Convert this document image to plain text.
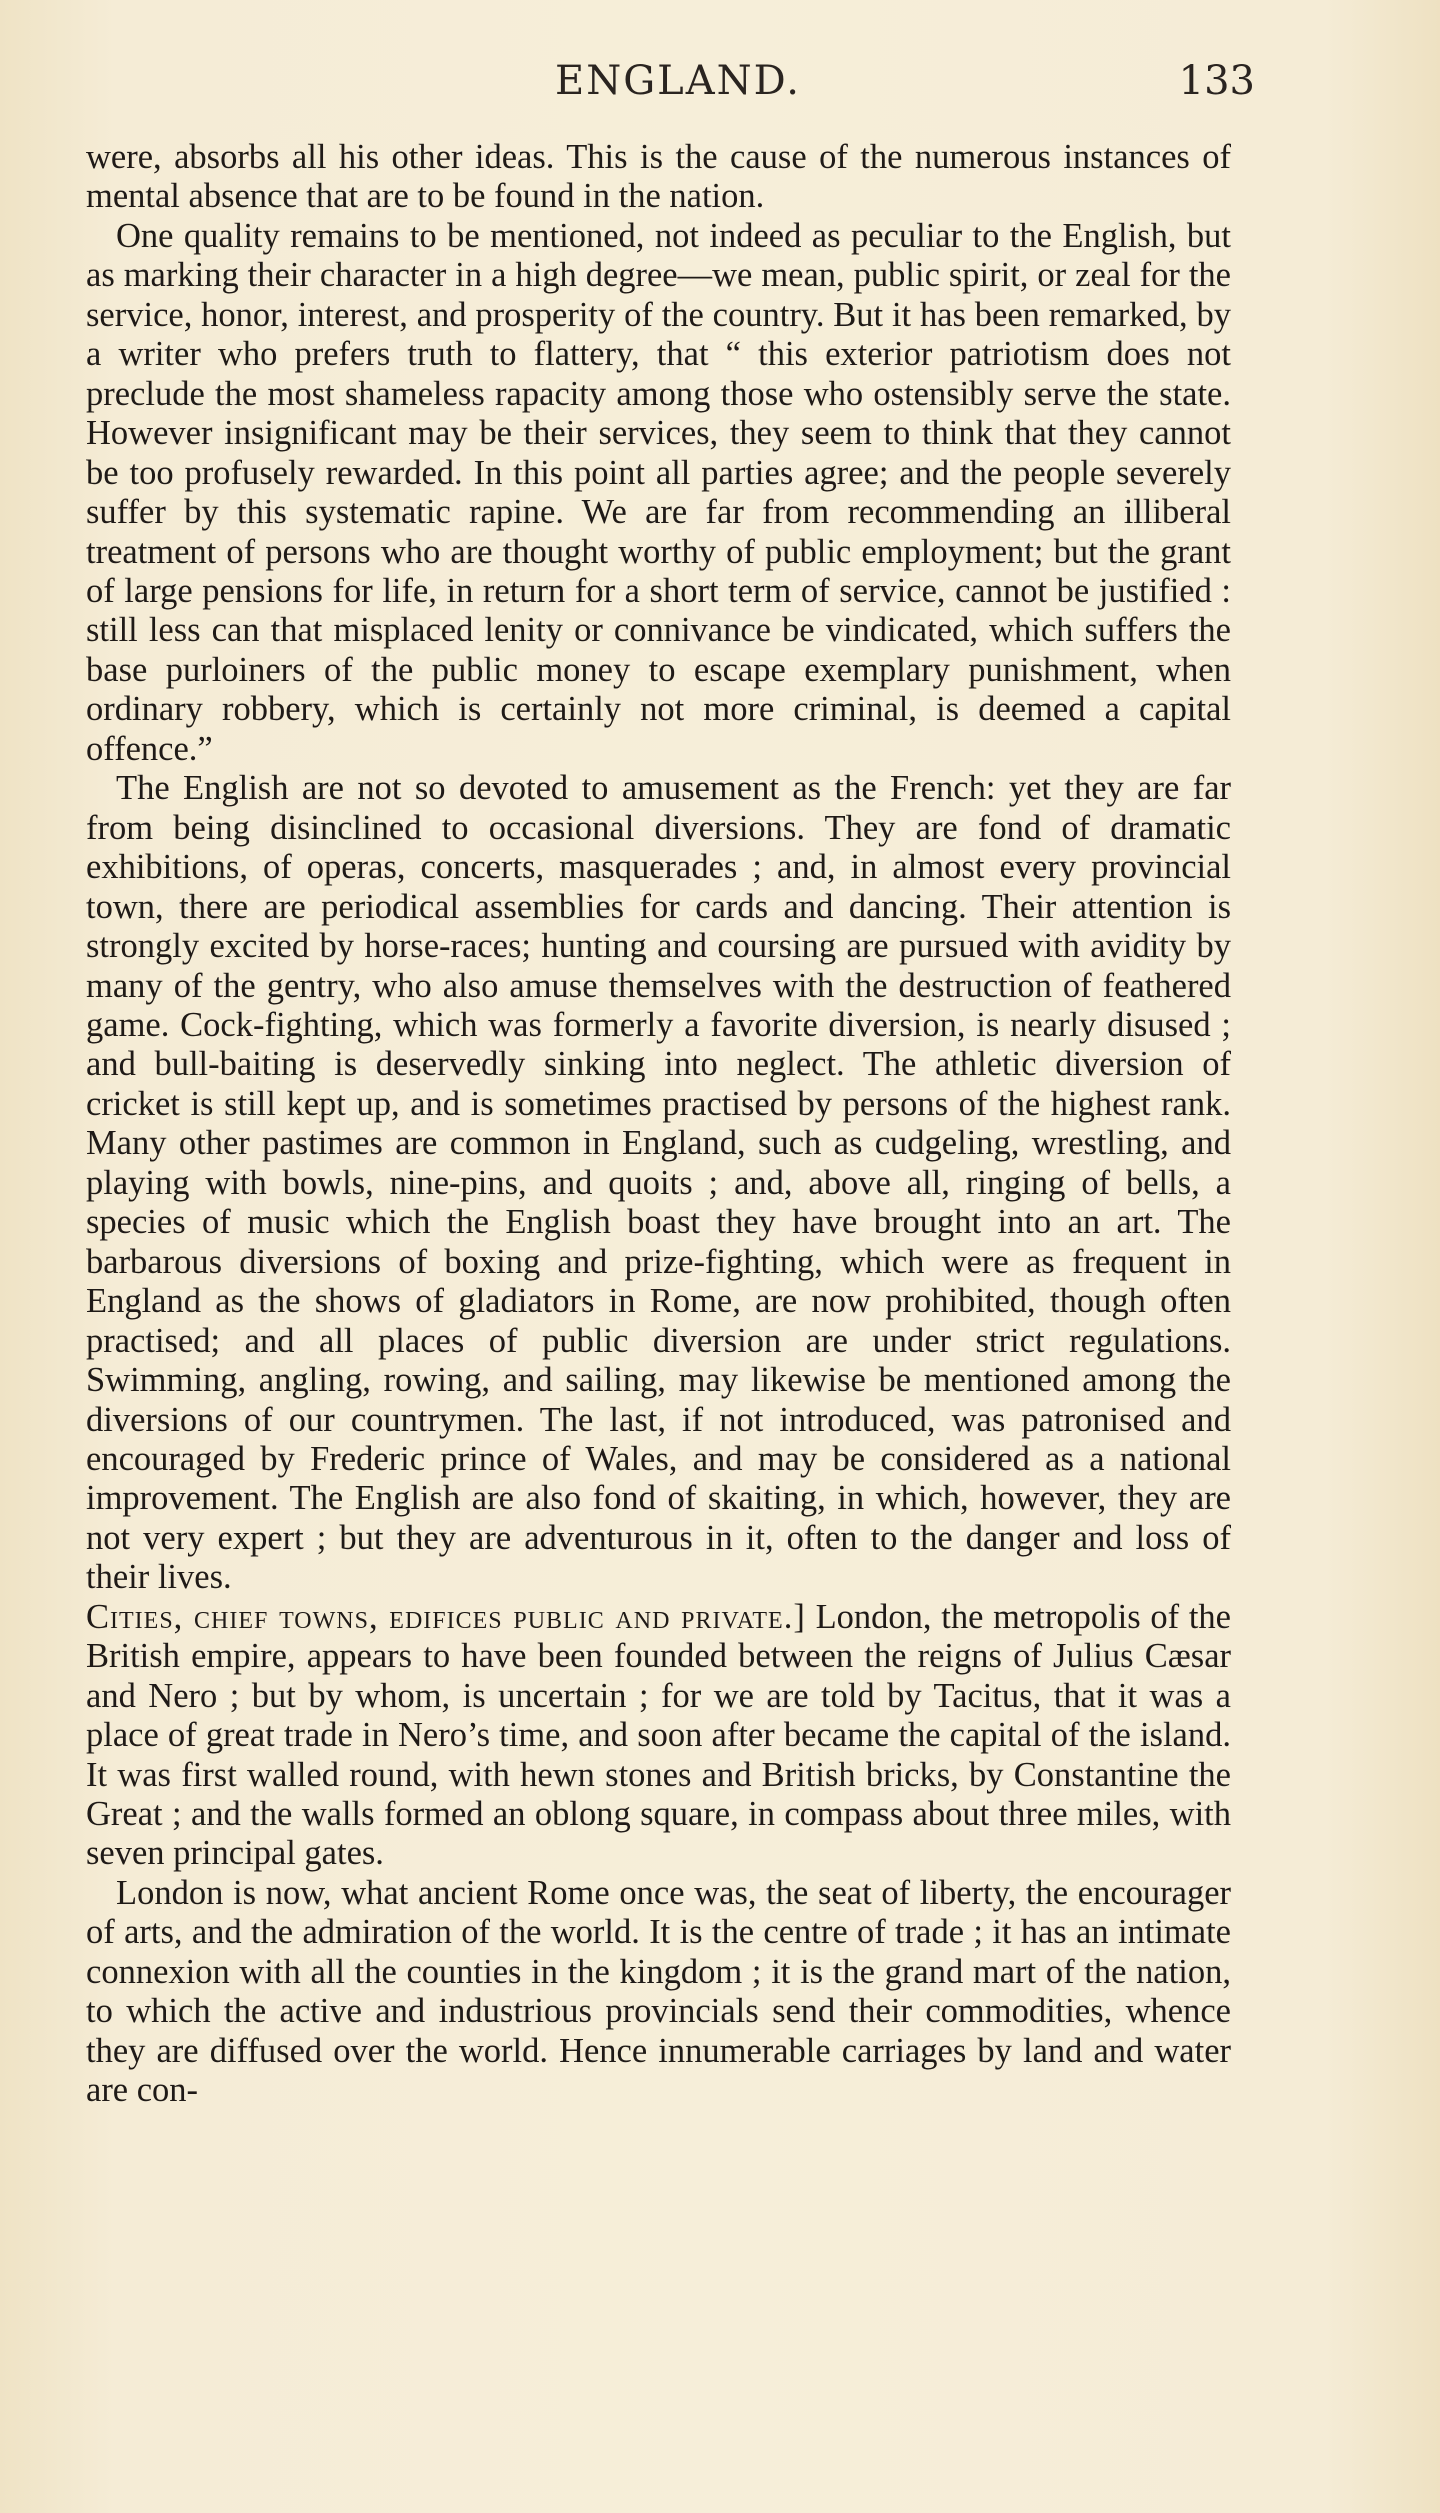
ENGLAND.	133

were, absorbs all his other ideas. This is the cause of the numerous instances of mental absence that are to be found in the nation.

One quality remains to be mentioned, not indeed as peculiar to the English, but as marking their character in a high degree—we mean, public spirit, or zeal for the service, honor, interest, and prosperity of the country. But it has been remarked, by a writer who prefers truth to flattery, that “ this exterior patriotism does not preclude the most shameless rapacity among those who ostensibly serve the state. However insignificant may be their services, they seem to think that they cannot be too profusely rewarded. In this point all parties agree; and the people severely suffer by this systematic rapine. We are far from recommending an illiberal treatment of persons who are thought worthy of public employment; but the grant of large pensions for life, in return for a short term of service, cannot be justified : still less can that misplaced lenity or connivance be vindicated, which suffers the base purloiners of the public money to escape exemplary punishment, when ordinary robbery, which is certainly not more criminal, is deemed a capital offence.”

The English are not so devoted to amusement as the French: yet they are far from being disinclined to occasional diversions. They are fond of dramatic exhibitions, of operas, concerts, masquerades ; and, in almost every provincial town, there are periodical assemblies for cards and dancing. Their attention is strongly excited by horse-races; hunting and coursing are pursued with avidity by many of the gentry, who also amuse themselves with the destruction of feathered game. Cock-fighting, which was formerly a favorite diversion, is nearly disused ; and bull-baiting is deservedly sinking into neglect. The athletic diversion of cricket is still kept up, and is sometimes practised by persons of the highest rank. Many other pastimes are common in England, such as cudgeling, wrestling, and playing with bowls, nine-pins, and quoits ; and, above all, ringing of bells, a species of music which the English boast they have brought into an art. The barbarous diversions of boxing and prize-fighting, which were as frequent in England as the shows of gladiators in Rome, are now prohibited, though often practised; and all places of public diversion are under strict regulations. Swimming, angling, rowing, and sailing, may likewise be mentioned among the diversions of our countrymen. The last, if not introduced, was patronised and encouraged by Frederic prince of Wales, and may be considered as a national improvement. The English are also fond of skaiting, in which, however, they are not very expert ; but they are adventurous in it, often to the danger and loss of their lives.

Cities, chief towns, edifices public and private.] London, the metropolis of the British empire, appears to have been founded between the reigns of Julius Cæsar and Nero ; but by whom, is uncertain ; for we are told by Tacitus, that it was a place of great trade in Nero’s time, and soon after became the capital of the island. It was first walled round, with hewn stones and British bricks, by Constantine the Great ; and the walls formed an oblong square, in compass about three miles, with seven principal gates.

London is now, what ancient Rome once was, the seat of liberty, the encourager of arts, and the admiration of the world. It is the centre of trade ; it has an intimate connexion with all the counties in the kingdom ; it is the grand mart of the nation, to which the active and industrious provincials send their commodities, whence they are diffused over the world. Hence innumerable carriages by land and water are con-
